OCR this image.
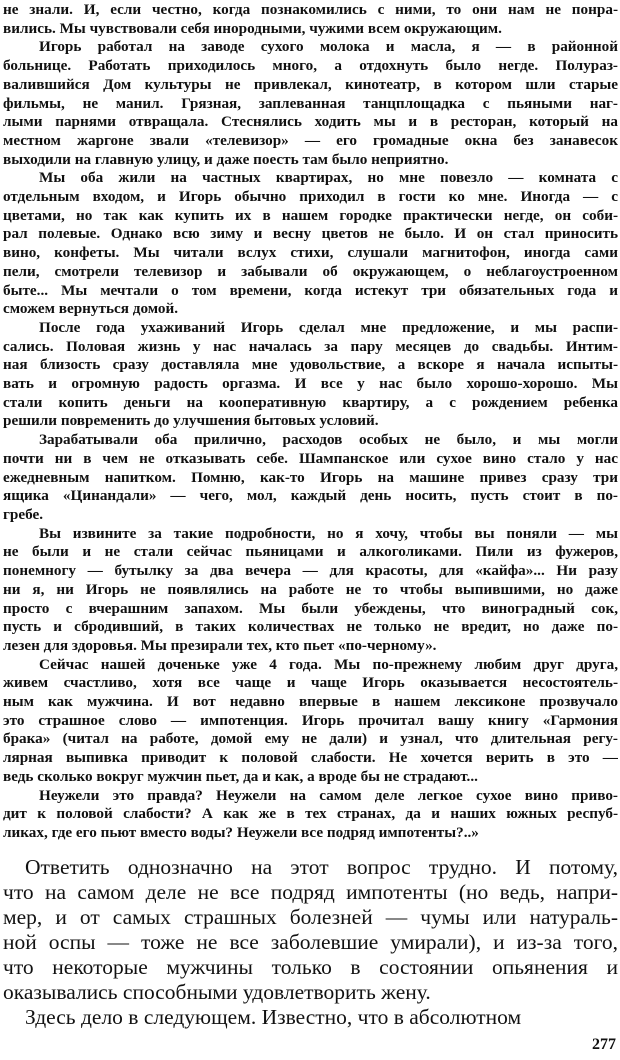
не знали. И, если честно, когда познакомились с ними, то они нам не понра-
вились. Мы чувствовали себя инородными, чужими всем окружающим.
Игорь работал на заводе сухого молока и масла, я — в районной
больнице. Работать приходилось много, а отдохнуть было негде. Полураз-
валившийся Дом культуры не привлекал, кинотеатр, в котором шли старые
фильмы, не манил. Грязная, заплеванная танцплощадка с пьяными наг-
лыми парнями отвращала. Стеснялись ходить мы и в ресторан, который на
местном жаргоне звали «телевизор» — его громадные окна без занавесок
выходили на главную улицу, и даже поесть там было неприятно.
Мы оба жили на частных квартирах, но мне повезло — комната с
отдельным входом, и Игорь обычно приходил в гости ко мне. Иногда — с
цветами, но так как купить их в нашем городке практически негде, он соби-
рал полевые. Однако всю зиму и весну цветов не было. И он стал приносить
вино, конфеты. Мы читали вслух стихи, слушали магнитофон, иногда сами
пели, смотрели телевизор и забывали об окружающем, о неблагоустроенном
быте... Мы мечтали о том времени, когда истекут три обязательных года и
сможем вернуться домой.
После года ухаживаний Игорь сделал мне предложение, и мы распи-
сались. Половая жизнь у нас началась за пару месяцев до свадьбы. Интим-
ная близость сразу доставляла мне удовольствие, а вскоре я начала испыты-
вать и огромную радость оргазма. И все у нас было хорошо-хорошо. Мы
стали копить деньги на кооперативную квартиру, а с рождением ребенка
решили повременить до улучшения бытовых условий.
Зарабатывали оба прилично, расходов особых не было, и мы могли
почти ни в чем не отказывать себе. Шампанское или сухое вино стало у нас
ежедневным напитком. Помню, как-то Игорь на машине привез сразу три
ящика «Цинандали» — чего, мол, каждый день носить, пусть стоит в по-
гребе.
Вы извините за такие подробности, но я хочу, чтобы вы поняли — мы
не были и не стали сейчас пьяницами и алкоголиками. Пили из фужеров,
понемногу — бутылку за два вечера — для красоты, для «кайфа»... Ни разу
ни я, ни Игорь не появлялись на работе не то чтобы выпившими, но даже
просто с вчерашним запахом. Мы были убеждены, что виноградный сок,
пусть и сбродивший, в таких количествах не только не вредит, но даже по-
лезен для здоровья. Мы презирали тех, кто пьет «по-черному».
Сейчас нашей доченьке уже 4 года. Мы по-прежнему любим друг друга,
живем счастливо, хотя все чаще и чаще Игорь оказывается несостоятель-
ным как мужчина. И вот недавно впервые в нашем лексиконе прозвучало
это страшное слово — импотенция. Игорь прочитал вашу книгу «Гармония
брака» (читал на работе, домой ему не дали) и узнал, что длительная регу-
лярная выпивка приводит к половой слабости. Не хочется верить в это —
ведь сколько вокруг мужчин пьет, да и как, а вроде бы не страдают...
Неужели это правда? Неужели на самом деле легкое сухое вино приво-
дит к половой слабости? А как же в тех странах, да и наших южных респуб-
ликах, где его пьют вместо воды? Неужели все подряд импотенты?..»
Ответить однозначно на этот вопрос трудно. И потому,
что на самом деле не все подряд импотенты (но ведь, напри-
мер, и от самых страшных болезней — чумы или натураль-
ной оспы — тоже не все заболевшие умирали), и из-за того,
что некоторые мужчины только в состоянии опьянения и
оказывались способными удовлетворить жену.
Здесь дело в следующем. Известно, что в абсолютном
277
